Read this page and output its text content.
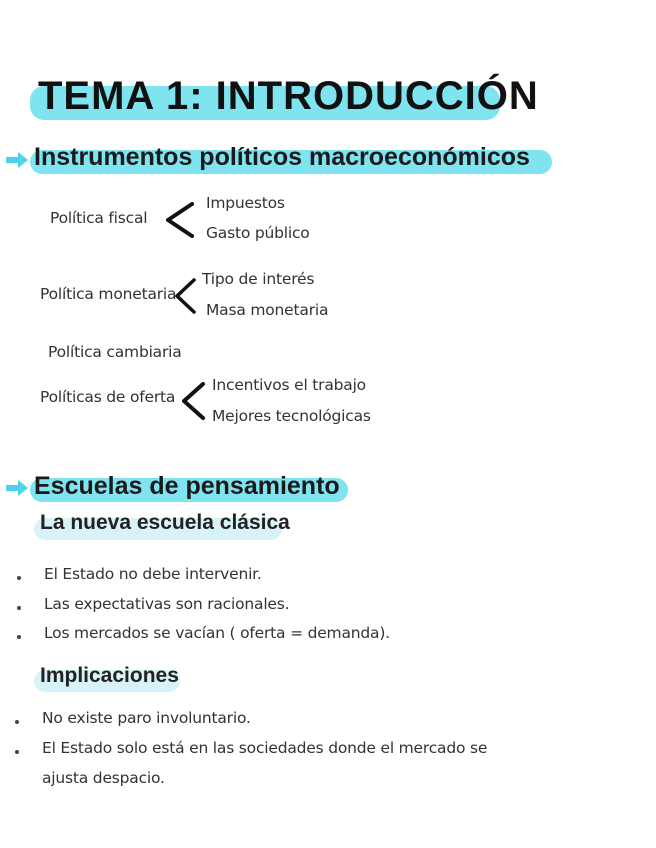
TEMA 1: INTRODUCCIÓN
Instrumentos políticos macroeconómicos
Política fiscal
Impuestos
Gasto público
Política monetaria
Tipo de interés
Masa monetaria
Política cambiaria
Políticas de oferta
Incentivos el trabajo
Mejores tecnológicas
Escuelas de pensamiento
La nueva escuela clásica
El Estado no debe intervenir.
Las expectativas son racionales.
Los mercados se vacían ( oferta = demanda).
Implicaciones
No existe paro involuntario.
El Estado solo está en las sociedades donde el mercado se
ajusta despacio.
